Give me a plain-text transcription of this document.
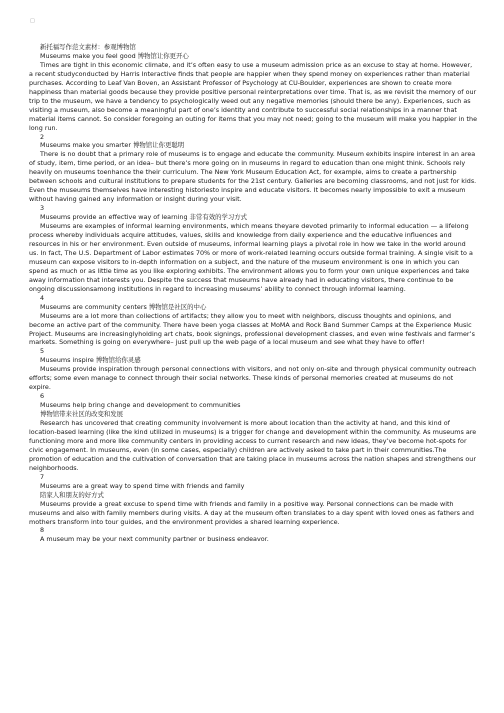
□

新托福写作范文素材：参观博物馆

Museums make you feel good 博物馆让你更开心

Times are tight in this economic climate, and it’s often easy to use a museum admission price as an excuse to stay at home. However, a recent studyconducted by Harris Interactive finds that people are happier when they spend money on experiences rather than material purchases. According to Leaf Van Boven, an Assistant Professor of Psychology at CU-Boulder, experiences are shown to create more happiness than material goods because they provide positive personal reinterpretations over time. That is, as we revisit the memory of our trip to the museum, we have a tendency to psychologically weed out any negative memories (should there be any). Experiences, such as visiting a museum, also become a meaningful part of one’s identity and contribute to successful social relationships in a manner that material items cannot. So consider foregoing an outing for items that you may not need; going to the museum will make you happier in the long run.

2

Museums make you smarter 博物馆让你更聪明

There is no doubt that a primary role of museums is to engage and educate the community. Museum exhibits inspire interest in an area of study, item, time period, or an idea– but there’s more going on in museums in regard to education than one might think. Schools rely heavily on museums toenhance the their curriculum. The New York Museum Education Act, for example, aims to create a partnership between schools and cultural institutions to prepare students for the 21st century. Galleries are becoming classrooms, and not just for kids. Even the museums themselves have interesting historiesto inspire and educate visitors. It becomes nearly impossible to exit a museum without having gained any information or insight during your visit.

3

Museums provide an effective way of learning 非常有效的学习方式

Museums are examples of informal learning environments, which means theyare devoted primarily to informal education — a lifelong process whereby individuals acquire attitudes, values, skills and knowledge from daily experience and the educative influences and resources in his or her environment. Even outside of museums, informal learning plays a pivotal role in how we take in the world around us. In fact, The U.S. Department of Labor estimates 70% or more of work-related learning occurs outside formal training. A single visit to a museum can expose visitors to in-depth information on a subject, and the nature of the museum environment is one in which you can spend as much or as little time as you like exploring exhibits. The environment allows you to form your own unique experiences and take away information that interests you. Despite the success that museums have already had in educating visitors, there continue to be ongoing discussionsamong institutions in regard to increasing museums’ ability to connect through informal learning.

4

Museums are community centers 博物馆是社区的中心

Museums are a lot more than collections of artifacts; they allow you to meet with neighbors, discuss thoughts and opinions, and become an active part of the community. There have been yoga classes at MoMA and Rock Band Summer Camps at the Experience Music Project. Museums are increasinglyholding art chats, book signings, professional development classes, and even wine festivals and farmer’s markets. Something is going on everywhere– just pull up the web page of a local museum and see what they have to offer!

5

Museums inspire 博物馆给你灵感

Museums provide inspiration through personal connections with visitors, and not only on-site and through physical community outreach efforts; some even manage to connect through their social networks. These kinds of personal memories created at museums do not expire.

6

Museums help bring change and development to communities

博物馆带来社区的改变和发展

Research has uncovered that creating community involvement is more about location than the activity at hand, and this kind of location-based learning (like the kind utilized in museums) is a trigger for change and development within the community. As museums are functioning more and more like community centers in providing access to current research and new ideas, they’ve become hot-spots for civic engagement. In museums, even (in some cases, especially) children are actively asked to take part in their communities.The promotion of education and the cultivation of conversation that are taking place in museums across the nation shapes and strengthens our neighborhoods.

7

Museums are a great way to spend time with friends and family

陪家人和朋友的好方式

Museums provide a great excuse to spend time with friends and family in a positive way. Personal connections can be made with museums and also with family members during visits. A day at the museum often translates to a day spent with loved ones as fathers and mothers transform into tour guides, and the environment provides a shared learning experience.

8

A museum may be your next community partner or business endeavor.
